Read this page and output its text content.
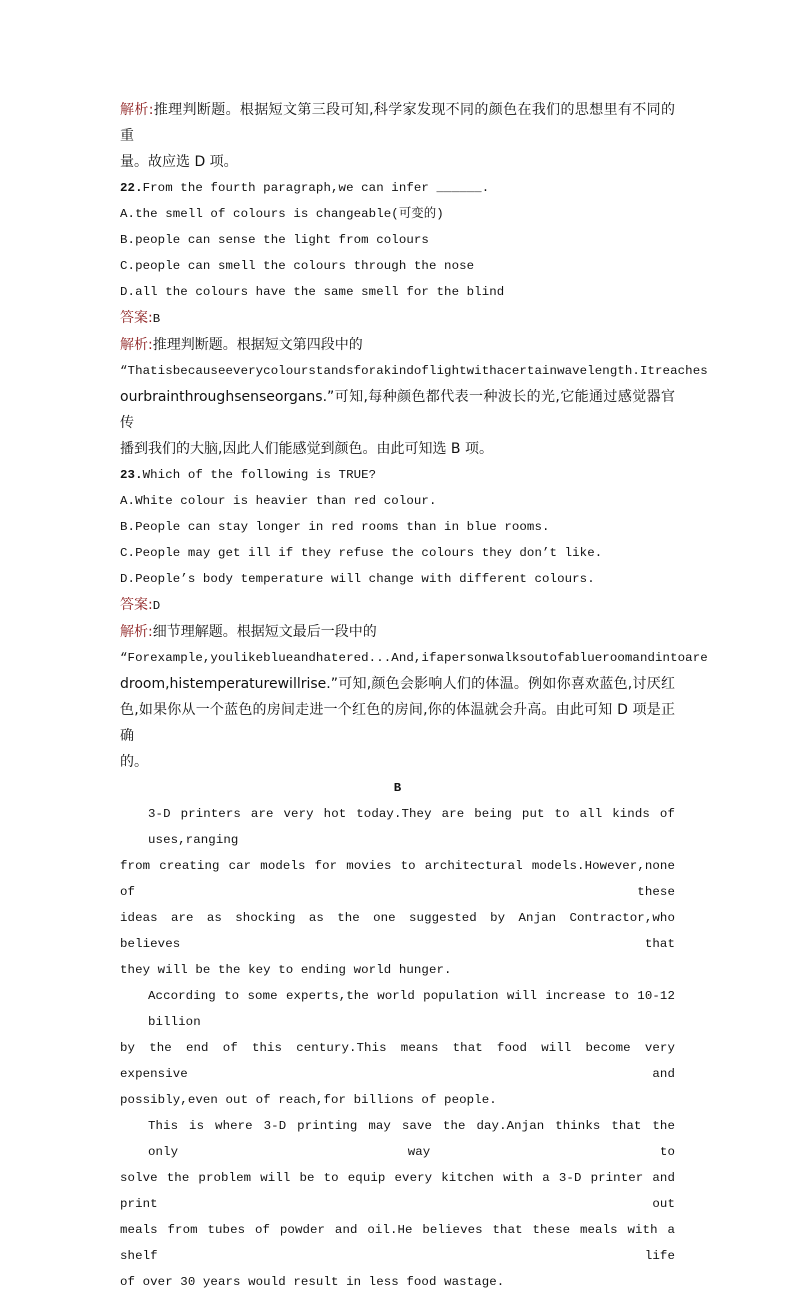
解析:推理判断题。根据短文第三段可知,科学家发现不同的颜色在我们的思想里有不同的重
量。故应选 D 项。
22.From the fourth paragraph,we can infer ______.
A.the smell of colours is changeable(可变的)
B.people can sense the light from colours
C.people can smell the colours through the nose
D.all the colours have the same smell for the blind
答案:B
解析:推理判断题。根据短文第四段中的
“Thatisbecauseeverycolourstandsforakindoflightwithacertainwavelength.Itreaches
ourbrainthroughsenseorgans.”可知,每种颜色都代表一种波长的光,它能通过感觉器官传
播到我们的大脑,因此人们能感觉到颜色。由此可知选 B 项。
23.Which of the following is TRUE?
A.White colour is heavier than red colour.
B.People can stay longer in red rooms than in blue rooms.
C.People may get ill if they refuse the colours they don’t like.
D.People’s body temperature will change with different colours.
答案:D
解析:细节理解题。根据短文最后一段中的
“Forexample,youlikeblueandhatered...And,ifapersonwalksoutofablueroomandintoare
droom,histemperaturewillrise.”可知,颜色会影响人们的体温。例如你喜欢蓝色,讨厌红
色,如果你从一个蓝色的房间走进一个红色的房间,你的体温就会升高。由此可知 D 项是正确
的。
B
3-D printers are very hot today.They are being put to all kinds of uses,ranging
from creating car models for movies to architectural models.However,none of these
ideas are as shocking as the one suggested by Anjan Contractor,who believes that
they will be the key to ending world hunger.
According to some experts,the world population will increase to 10-12 billion
by the end of this century.This means that food will become very expensive and
possibly,even out of reach,for billions of people.
This is where 3-D printing may save the day.Anjan thinks that the only way to
solve the problem will be to equip every kitchen with a 3-D printer and print out
meals from tubes of powder and oil.He believes that these meals with a shelf life
of over 30 years would result in less food wastage.
